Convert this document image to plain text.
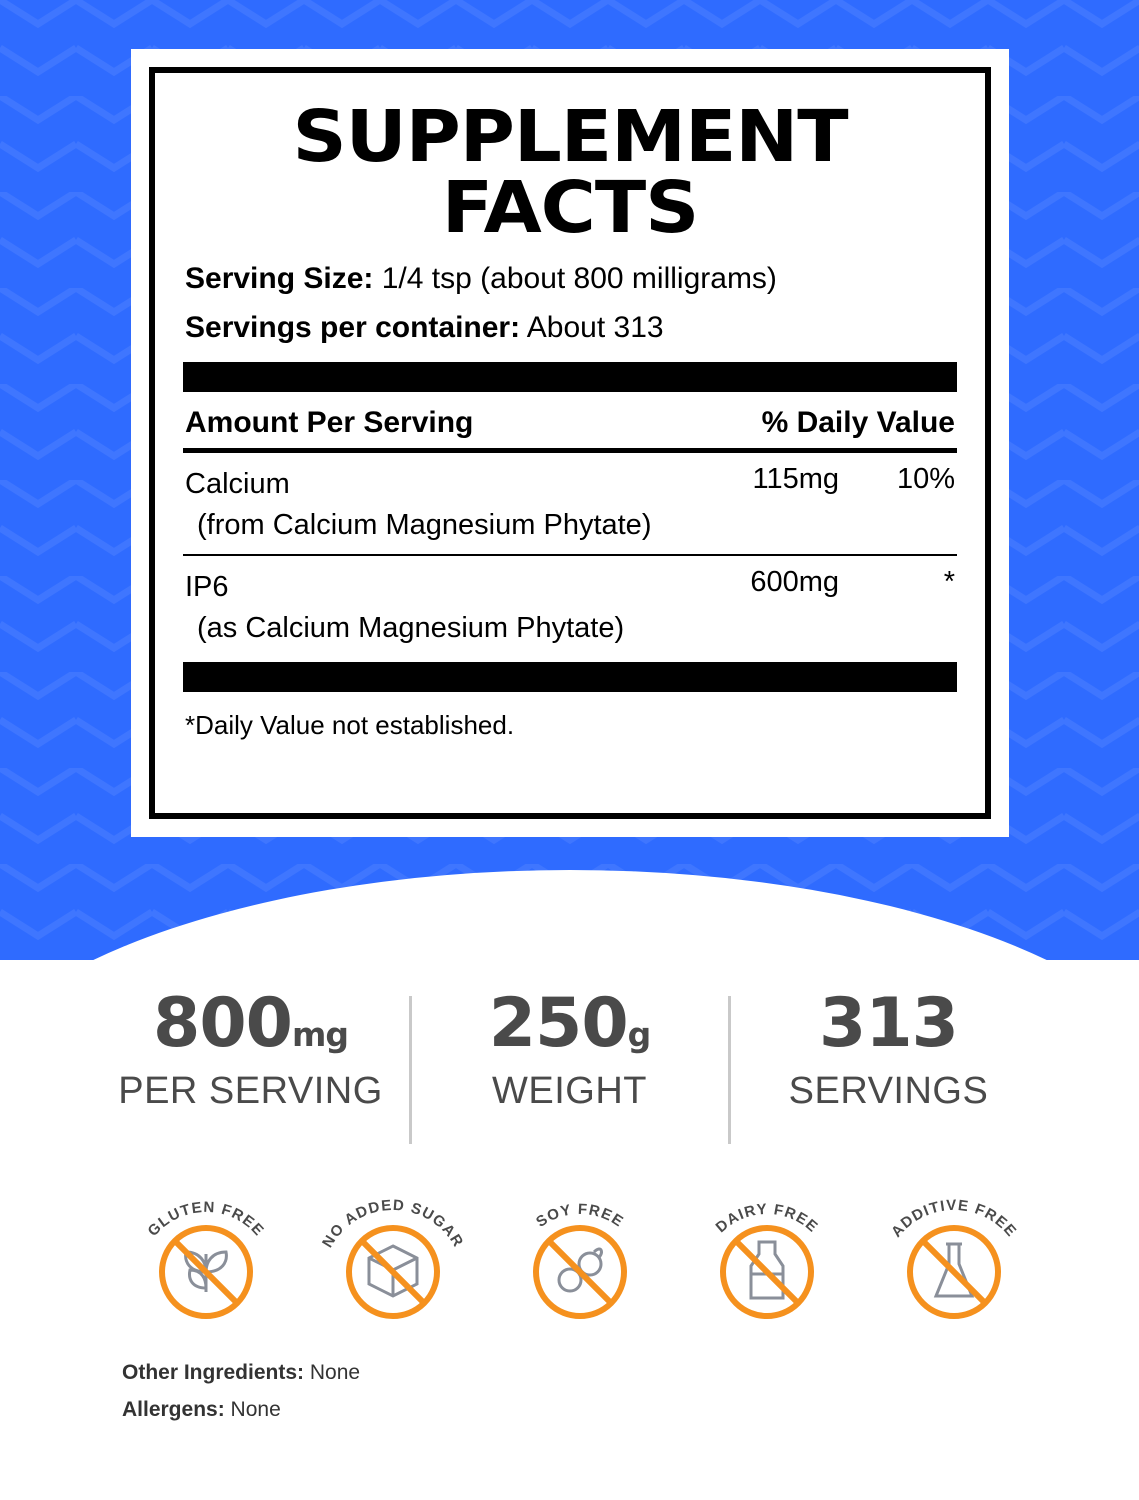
SUPPLEMENT FACTS
Serving Size: 1/4 tsp (about 800 milligrams)
Servings per container: About 313
Amount Per Serving	% Daily Value
Calcium
(from Calcium Magnesium Phytate)
115mg 10%
IP6
(as Calcium Magnesium Phytate)
600mg	*
*Daily Value not established.
800mg
PER SERVING
250g
WEIGHT
313
SERVINGS
GLUTEN FREE
NO ADDED SUGAR
SOY FREE	DAIRY FREE	ADDITIVE FREE
Other Ingredients: None
Allergens: None
